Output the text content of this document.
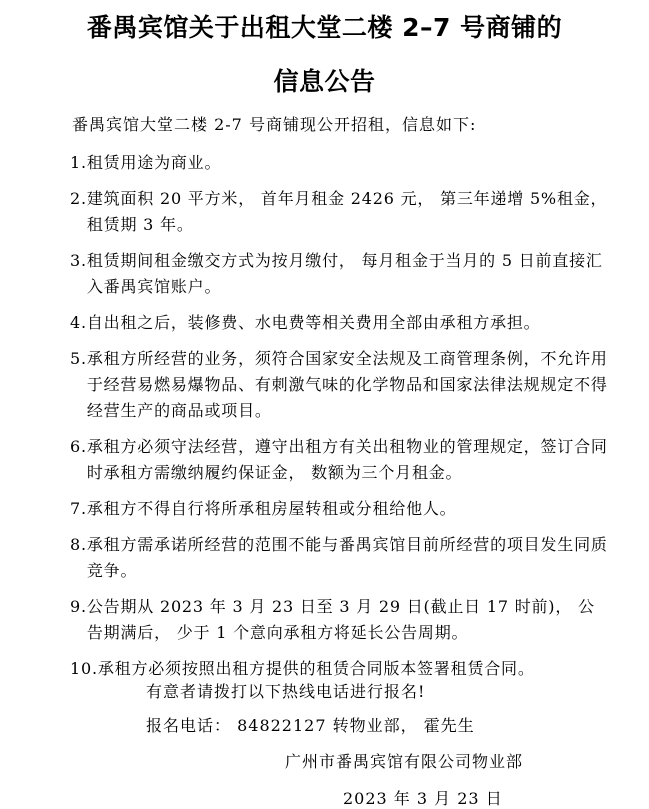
番禺宾馆关于出租大堂二楼 2–7 号商铺的
信息公告

番禺宾馆大堂二楼 2-7 号商铺现公开招租，信息如下:

1. 租赁用途为商业。
2. 建筑面积 20 平方米， 首年月租金 2426 元， 第三年递增 5%租金， 租赁期 3 年。
3. 租赁期间租金缴交方式为按月缴付， 每月租金于当月的 5 日前直接汇入番禺宾馆账户。
4. 自出租之后，装修费、水电费等相关费用全部由承租方承担。
5. 承租方所经营的业务，须符合国家安全法规及工商管理条例，不允许用于经营易燃易爆物品、有刺激气味的化学物品和国家法律法规规定不得经营生产的商品或项目。
6. 承租方必须守法经营，遵守出租方有关出租物业的管理规定，签订合同时承租方需缴纳履约保证金， 数额为三个月租金。
7. 承租方不得自行将所承租房屋转租或分租给他人。
8. 承租方需承诺所经营的范围不能与番禺宾馆目前所经营的项目发生同质竞争。
9. 公告期从 2023 年 3 月 23 日至 3 月 29 日(截止日 17 时前)， 公告期满后， 少于 1 个意向承租方将延长公告周期。
10. 承租方必须按照出租方提供的租赁合同版本签署租赁合同。

有意者请拨打以下热线电话进行报名!

报名电话： 84822127 转物业部， 霍先生

广州市番禺宾馆有限公司物业部

2023 年 3 月 23 日
